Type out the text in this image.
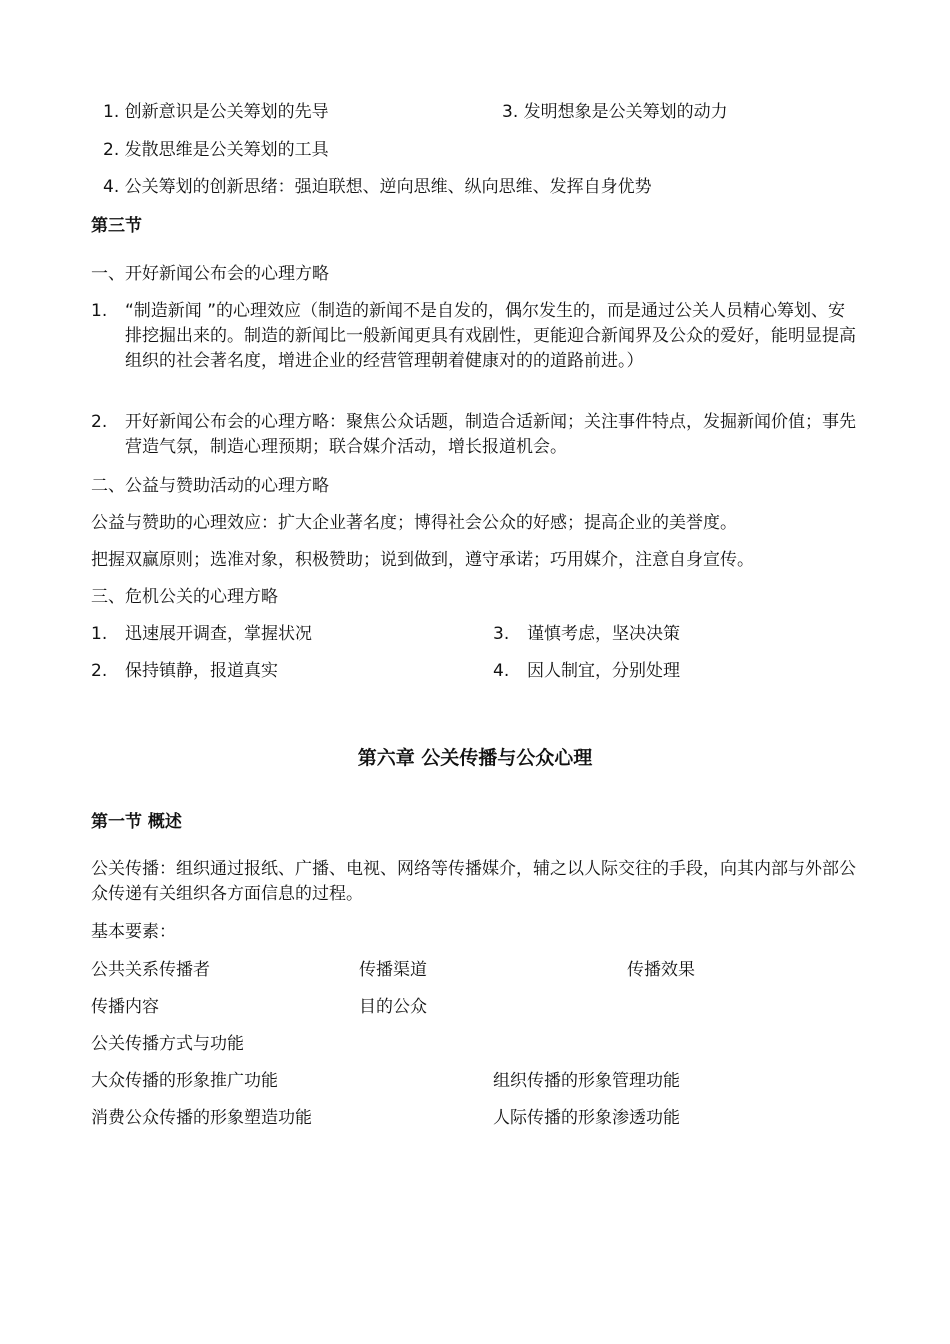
1. 创新意识是公关筹划的先导	3. 发明想象是公关筹划的动力
2. 发散思维是公关筹划的工具
4. 公关筹划的创新思绪：强迫联想、逆向思维、纵向思维、发挥自身优势
第三节
一、开好新闻公布会的心理方略
1. “制造新闻 ”的心理效应（制造的新闻不是自发的，偶尔发生的，而是通过公关人员精心筹划、安排挖掘出来的。制造的新闻比一般新闻更具有戏剧性，更能迎合新闻界及公众的爱好，能明显提高组织的社会著名度，增进企业的经营管理朝着健康对的的道路前进。）
2. 开好新闻公布会的心理方略：聚焦公众话题，制造合适新闻；关注事件特点，发掘新闻价值；事先营造气氛，制造心理预期；联合媒介活动，增长报道机会。
二、公益与赞助活动的心理方略
公益与赞助的心理效应：扩大企业著名度；博得社会公众的好感；提高企业的美誉度。
把握双赢原则；选准对象，积极赞助；说到做到，遵守承诺；巧用媒介，注意自身宣传。
三、危机公关的心理方略
1. 迅速展开调查，掌握状况	3. 谨慎考虑，坚决决策
2. 保持镇静，报道真实	4. 因人制宜，分别处理
第六章 公关传播与公众心理
第一节 概述
公关传播：组织通过报纸、广播、电视、网络等传播媒介，辅之以人际交往的手段，向其内部与外部公众传递有关组织各方面信息的过程。
基本要素：
公共关系传播者	传播渠道	传播效果
传播内容	目的公众
公关传播方式与功能
大众传播的形象推广功能	组织传播的形象管理功能
消费公众传播的形象塑造功能	人际传播的形象渗透功能
